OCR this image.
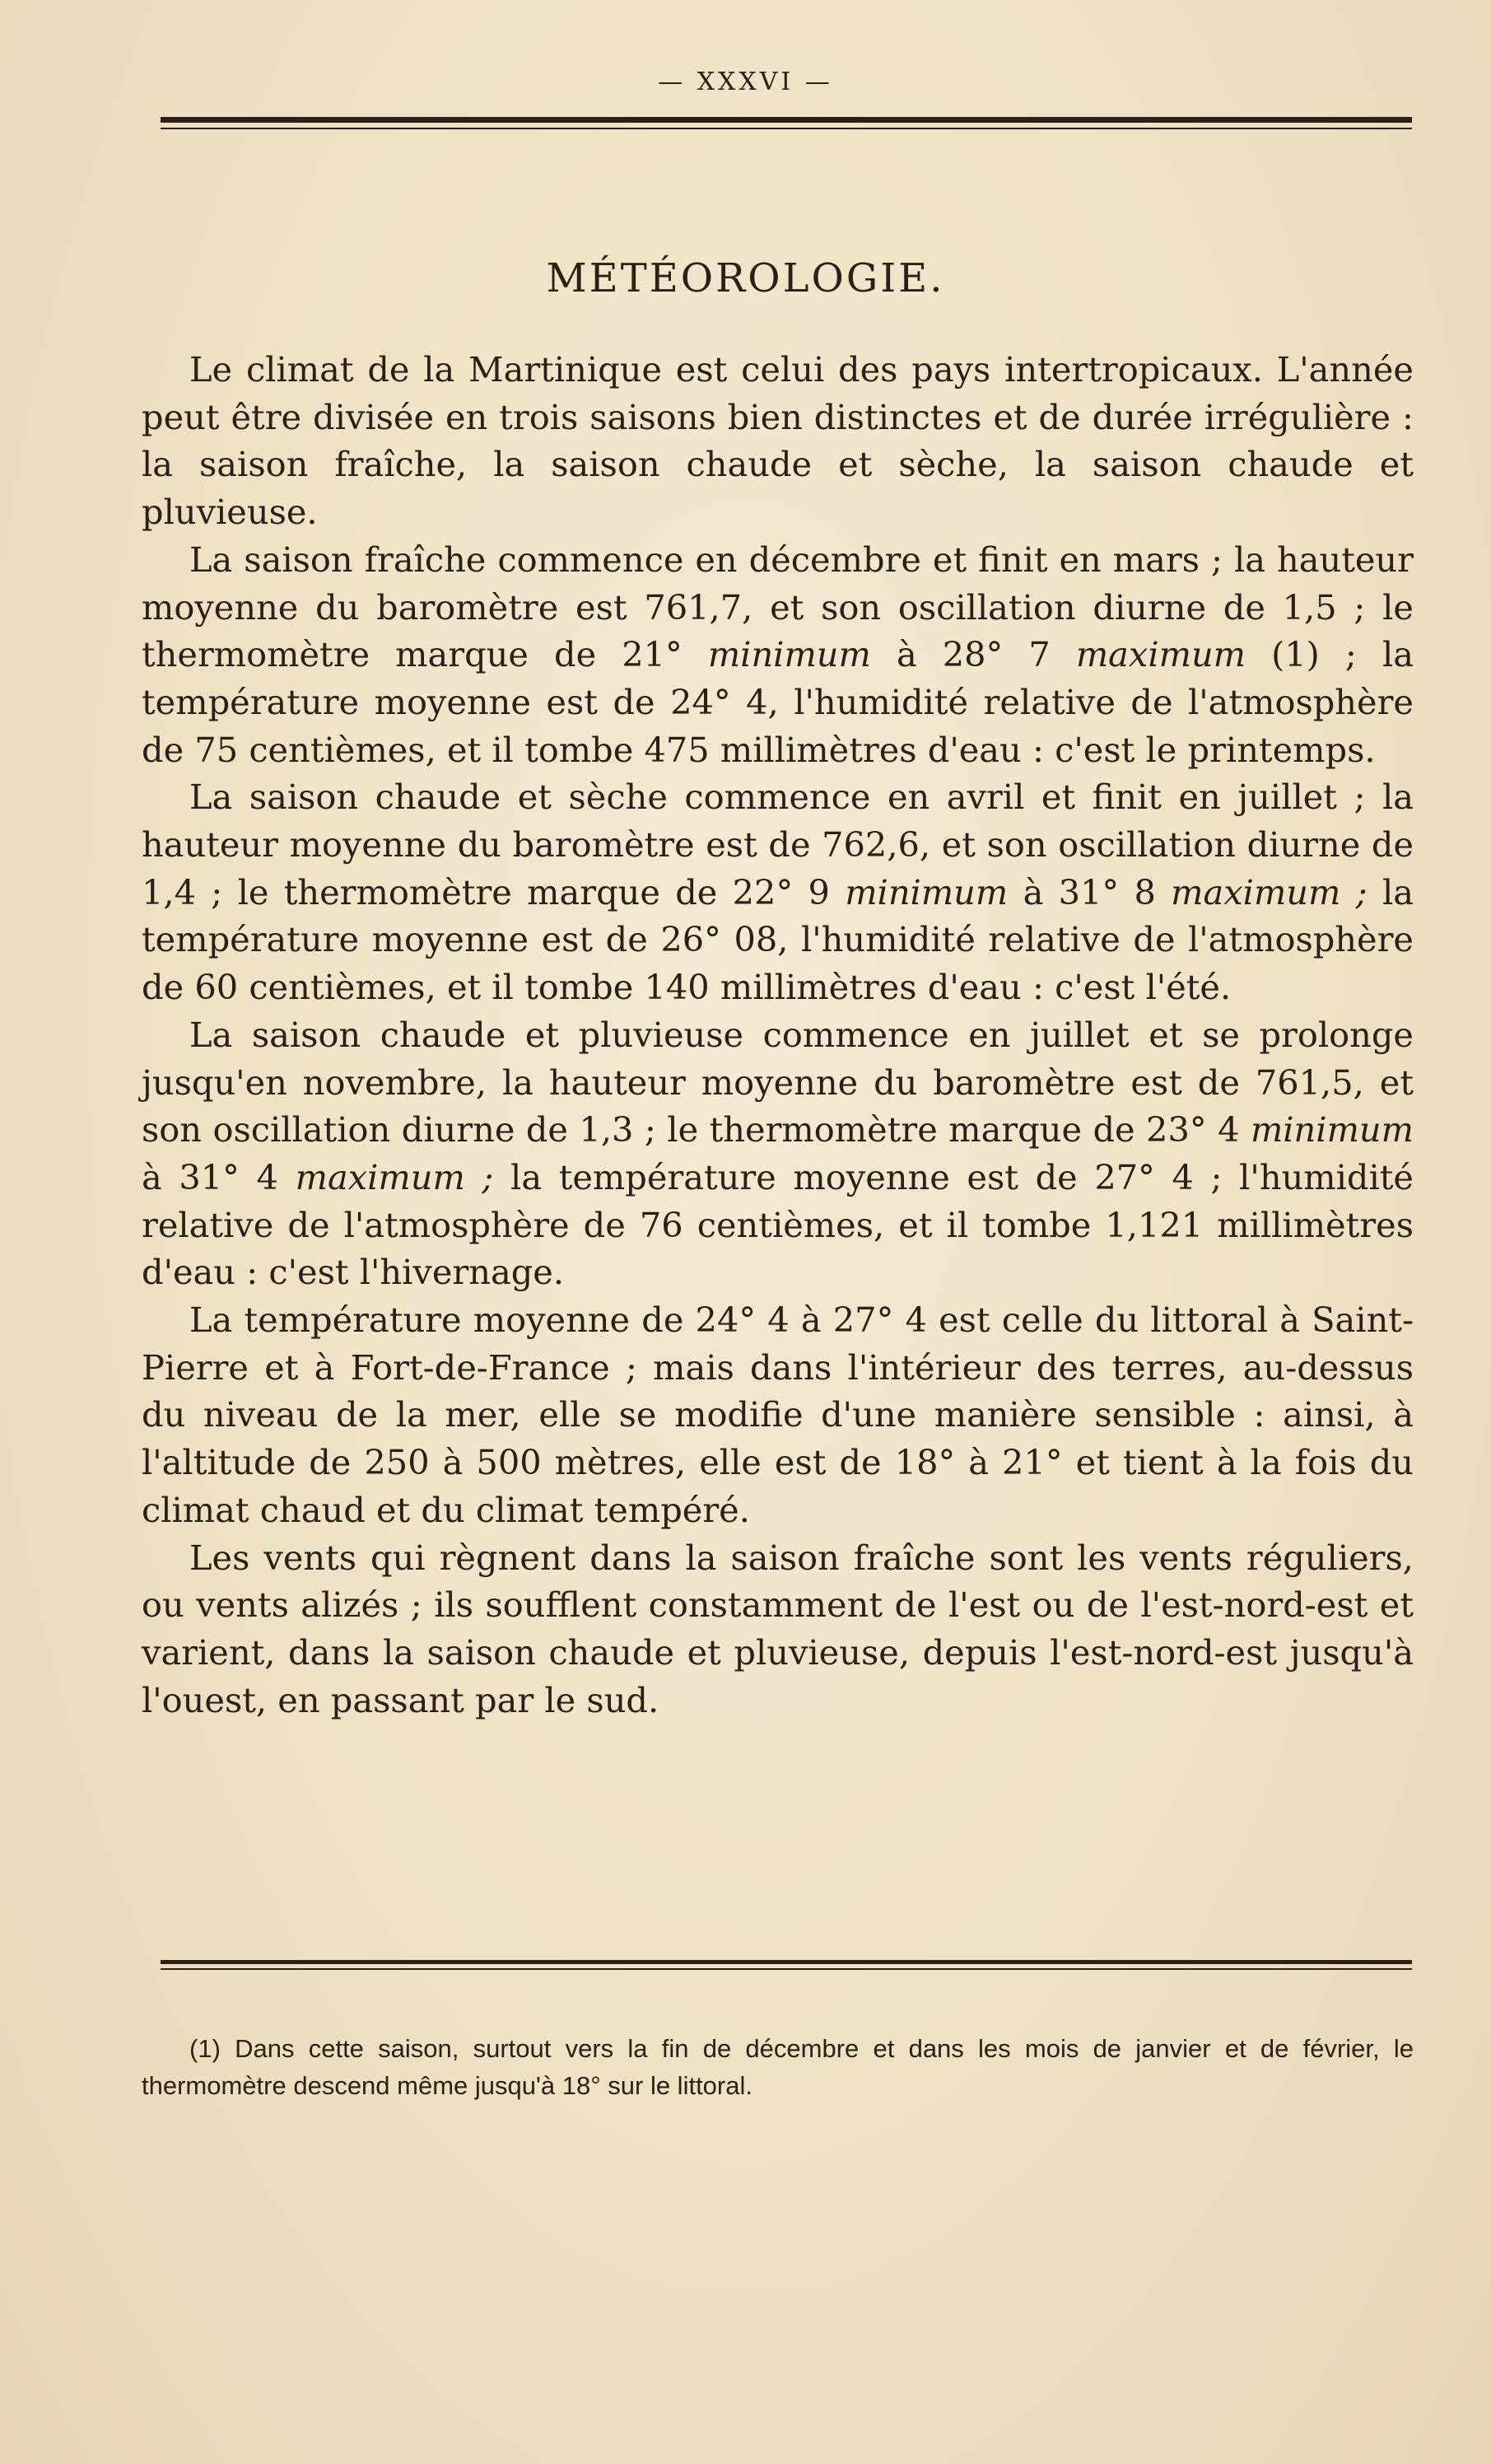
— XXXVI —
MÉTÉOROLOGIE.

Le climat de la Martinique est celui des pays intertropicaux. L'année peut être divisée en trois saisons bien distinctes et de durée irrégulière : la saison fraîche, la saison chaude et sèche, la saison chaude et pluvieuse.

La saison fraîche commence en décembre et finit en mars ; la hauteur moyenne du baromètre est 761,7, et son oscillation diurne de 1,5 ; le thermomètre marque de 21° minimum à 28° 7 maximum (1) ; la température moyenne est de 24° 4, l'humidité relative de l'atmosphère de 75 centièmes, et il tombe 475 millimètres d'eau : c'est le printemps.

La saison chaude et sèche commence en avril et finit en juillet ; la hauteur moyenne du baromètre est de 762,6, et son oscillation diurne de 1,4 ; le thermomètre marque de 22° 9 minimum à 31° 8 maximum ; la température moyenne est de 26° 08, l'humidité relative de l'atmosphère de 60 centièmes, et il tombe 140 millimètres d'eau : c'est l'été.

La saison chaude et pluvieuse commence en juillet et se prolonge jusqu'en novembre, la hauteur moyenne du baromètre est de 761,5, et son oscillation diurne de 1,3 ; le thermomètre marque de 23° 4 minimum à 31° 4 maximum ; la température moyenne est de 27° 4 ; l'humidité relative de l'atmosphère de 76 centièmes, et il tombe 1,121 millimètres d'eau : c'est l'hivernage.

La température moyenne de 24° 4 à 27° 4 est celle du littoral à Saint-Pierre et à Fort-de-France ; mais dans l'intérieur des terres, au-dessus du niveau de la mer, elle se modifie d'une manière sensible : ainsi, à l'altitude de 250 à 500 mètres, elle est de 18° à 21° et tient à la fois du climat chaud et du climat tempéré.

Les vents qui règnent dans la saison fraîche sont les vents réguliers, ou vents alizés ; ils soufflent constamment de l'est ou de l'est-nord-est et varient, dans la saison chaude et pluvieuse, depuis l'est-nord-est jusqu'à l'ouest, en passant par le sud.

(1) Dans cette saison, surtout vers la fin de décembre et dans les mois de janvier et de février, le thermomètre descend même jusqu'à 18° sur le littoral.
